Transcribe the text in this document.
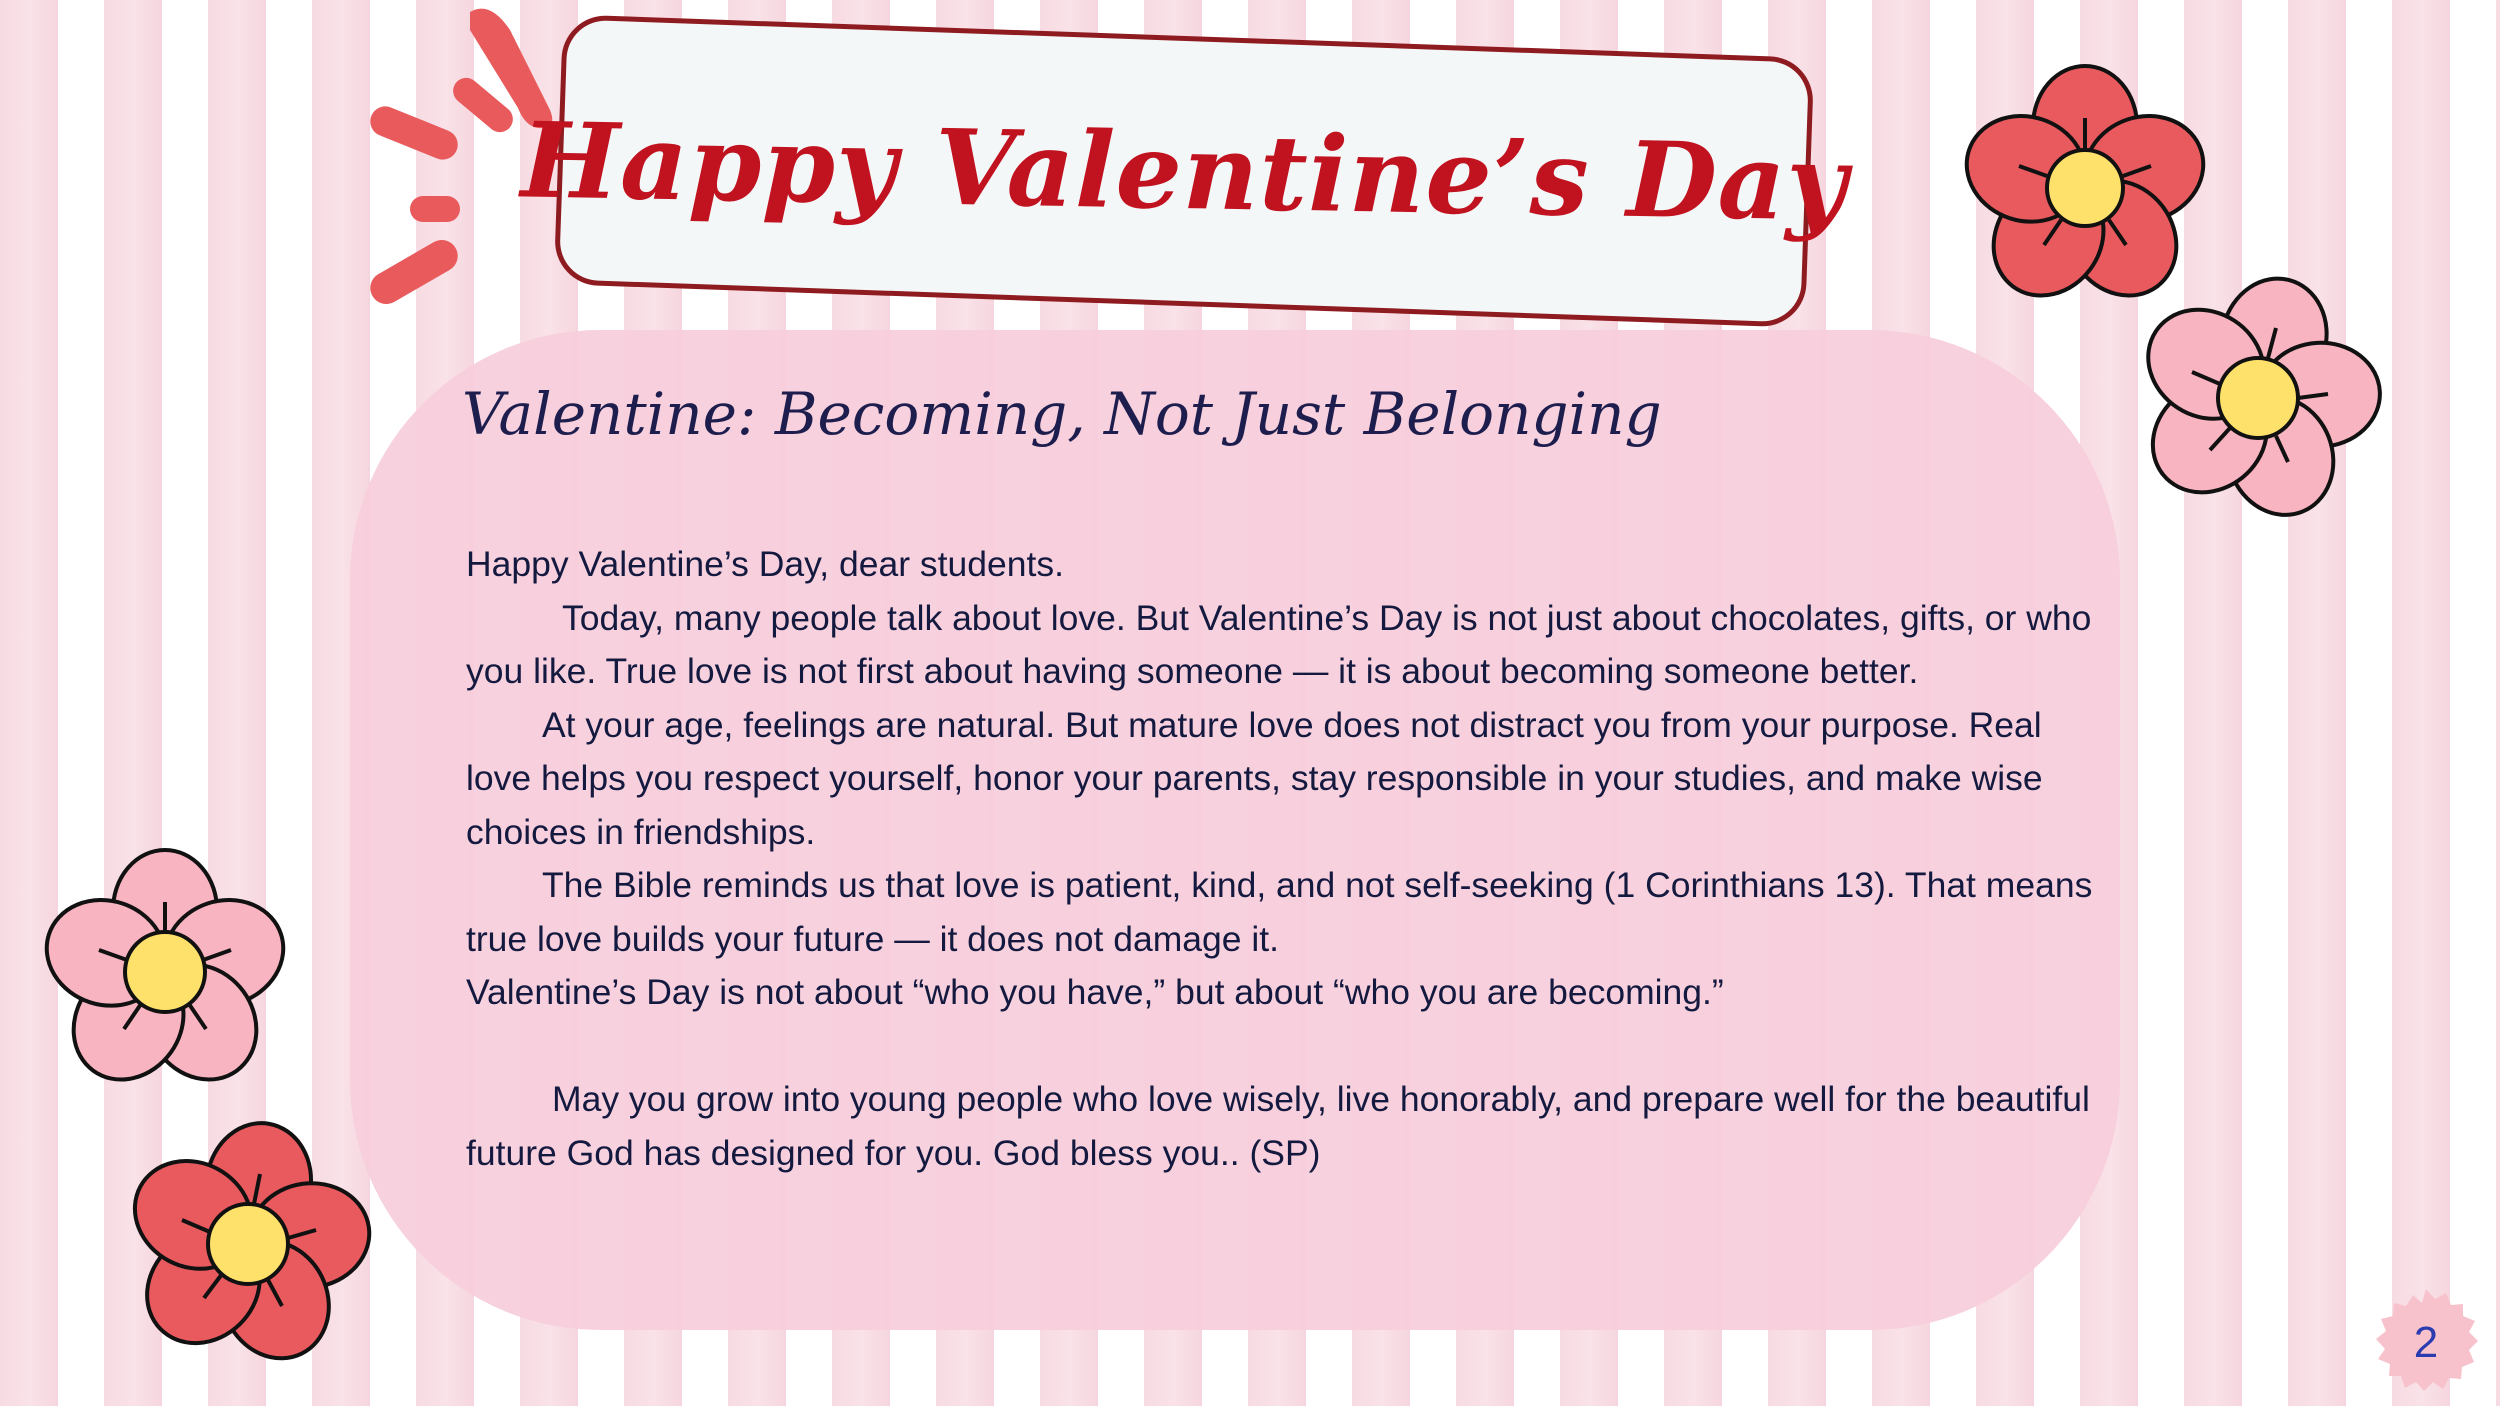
Happy Valentine’s Day
Valentine: Becoming, Not Just Belonging

Happy Valentine’s Day, dear students.

Today, many people talk about love. But Valentine’s Day is not just about chocolates, gifts, or who you like. True love is not first about having someone — it is about becoming someone better.

At your age, feelings are natural. But mature love does not distract you from your purpose. Real love helps you respect yourself, honor your parents, stay responsible in your studies, and make wise choices in friendships.

The Bible reminds us that love is patient, kind, and not self-seeking (1 Corinthians 13). That means true love builds your future — it does not damage it.

Valentine’s Day is not about “who you have,” but about “who you are becoming.”

May you grow into young people who love wisely, live honorably, and prepare well for the beautiful future God has designed for you. God bless you.. (SP)

2
